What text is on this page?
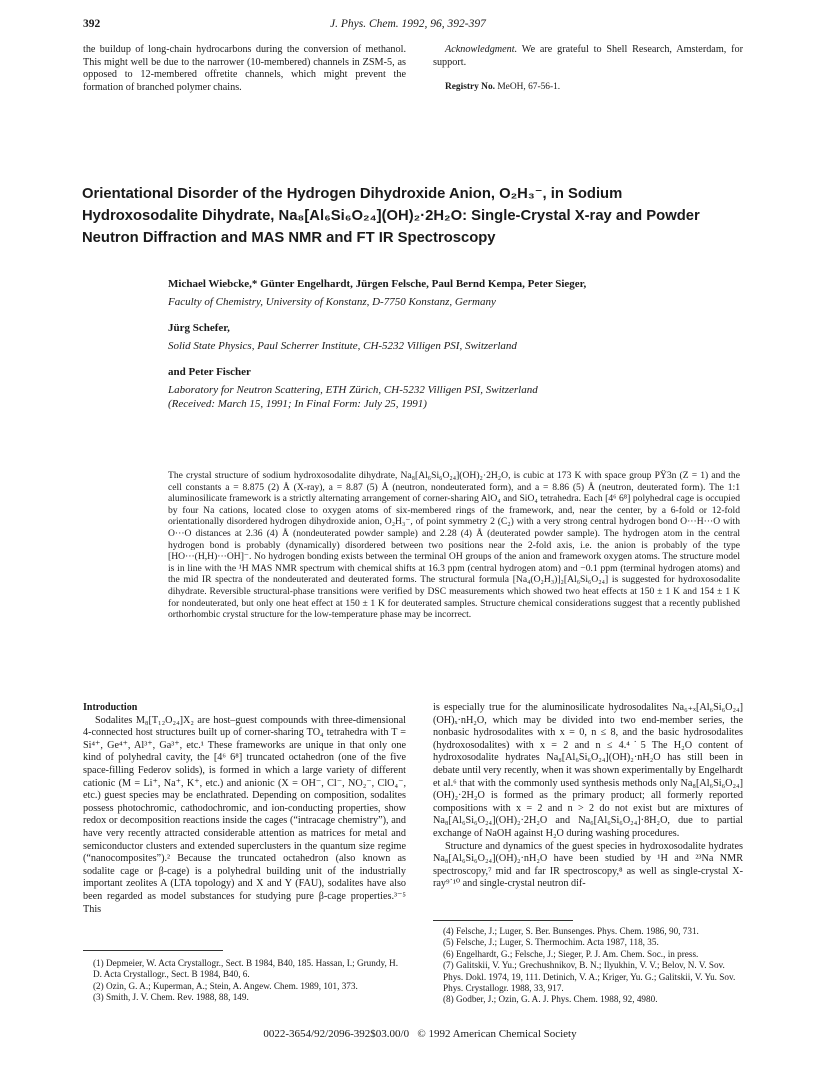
392	J. Phys. Chem. 1992, 96, 392-397

the buildup of long-chain hydrocarbons during the conversion of methanol. This might well be due to the narrower (10-membered) channels in ZSM-5, as opposed to 12-membered offretite channels, which might prevent the formation of branched polymer chains.

Acknowledgment. We are grateful to Shell Research, Amsterdam, for support.

Registry No. MeOH, 67-56-1.

Orientational Disorder of the Hydrogen Dihydroxide Anion, O₂H₃⁻, in Sodium
Hydroxosodalite Dihydrate, Na₈[Al₆Si₆O₂₄](OH)₂·2H₂O: Single-Crystal X-ray and Powder
Neutron Diffraction and MAS NMR and FT IR Spectroscopy
Michael Wiebcke,* Günter Engelhardt, Jürgen Felsche, Paul Bernd Kempa, Peter Sieger,
Faculty of Chemistry, University of Konstanz, D-7750 Konstanz, Germany
Jürg Schefer,
Solid State Physics, Paul Scherrer Institute, CH-5232 Villigen PSI, Switzerland
and Peter Fischer
Laboratory for Neutron Scattering, ETH Zürich, CH-5232 Villigen PSI, Switzerland
(Received: March 15, 1991; In Final Form: July 25, 1991)
The crystal structure of sodium hydroxosodalite dihydrate, Na₈[Al₆Si₆O₂₄](OH)₂·2H₂O, is cubic at 173 K with space group PŸ3n (Z = 1) and the cell constants a = 8.875 (2) Å (X-ray), a = 8.87 (5) Å (neutron, nondeuterated form), and a = 8.86 (5) Å (neutron, deuterated form). The 1:1 aluminosilicate framework is a strictly alternating arrangement of corner-sharing AlO₄ and SiO₄ tetrahedra. Each [4⁶ 6⁸] polyhedral cage is occupied by four Na cations, located close to oxygen atoms of six-membered rings of the framework, and, near the center, by a 6-fold or 12-fold orientationally disordered hydrogen dihydroxide anion, O₂H₃⁻, of point symmetry 2 (C₂) with a very strong central hydrogen bond O···H···O with O···O distances at 2.36 (4) Å (nondeuterated powder sample) and 2.28 (4) Å (deuterated powder sample). The hydrogen atom in the central hydrogen bond is probably (dynamically) disordered between two positions near the 2-fold axis, i.e. the anion is probably of the type [HO···(H,H)···OH]⁻. No hydrogen bonding exists between the terminal OH groups of the anion and framework oxygen atoms. The structure model is in line with the ¹H MAS NMR spectrum with chemical shifts at 16.3 ppm (central hydrogen atom) and −0.1 ppm (terminal hydrogen atoms) and the mid IR spectra of the nondeuterated and deuterated forms. The structural formula [Na₄(O₂H₃)]₂[Al₆Si₆O₂₄] is suggested for hydroxosodalite dihydrate. Reversible structural-phase transitions were verified by DSC measurements which showed two heat effects at 150 ± 1 K and 154 ± 1 K for nondeuterated, but only one heat effect at 150 ± 1 K for deuterated samples. Structure chemical considerations suggest that a recently published orthorhombic crystal structure for the low-temperature phase may be incorrect.

Introduction

Sodalites M₈[T₁₂O₂₄]X₂ are host–guest compounds with three-dimensional 4-connected host structures built up of corner-sharing TO₄ tetrahedra with T = Si⁴⁺, Ge⁴⁺, Al³⁺, Ga³⁺, etc.¹ These frameworks are unique in that only one kind of polyhedral cavity, the [4⁶ 6⁸] truncated octahedron (one of the five space-filling Federov solids), is formed in which a large variety of different cationic (M = Li⁺, Na⁺, K⁺, etc.) and anionic (X = OH⁻, Cl⁻, NO₂⁻, ClO₄⁻, etc.) guest species may be enclathrated. Depending on composition, sodalites possess photochromic, cathodochromic, and ion-conducting properties, show redox or decomposition reactions inside the cages (“intracage chemistry”), and have very recently attracted considerable attention as matrices for metal and semiconductor clusters and extended superclusters in the quantum size regime (“nanocomposites”).² Because the truncated octahedron (also known as sodalite cage or β-cage) is a polyhedral building unit of the industrially important zeolites A (LTA topology) and X and Y (FAU), sodalites have also been regarded as model substances for studying pure β-cage properties.³⁻⁵ This

is especially true for the aluminosilicate hydrosodalites Na₆₊ₓ[Al₆Si₆O₂₄](OH)ₓ·nH₂O, which may be divided into two end-member series, the nonbasic hydrosodalites with x = 0, n ≤ 8, and the basic hydrosodalites (hydroxosodalites) with x = 2 and n ≤ 4.⁴˙5 The H₂O content of hydroxosodalite hydrates Na₈[Al₆Si₆O₂₄](OH)₂·nH₂O has still been in debate until very recently, when it was shown experimentally by Engelhardt et al.⁶ that with the commonly used synthesis methods only Na₈[Al₆Si₆O₂₄](OH)₂·2H₂O is formed as the primary product; all formerly reported compositions with x = 2 and n > 2 do not exist but are mixtures of Na₈[Al₆Si₆O₂₄](OH)₂·2H₂O and Na₆[Al₆Si₆O₂₄]·8H₂O, due to partial exchange of NaOH against H₂O during washing procedures.

Structure and dynamics of the guest species in hydroxosodalite hydrates Na₈[Al₆Si₆O₂₄](OH)₂·nH₂O have been studied by ¹H and ²³Na NMR spectroscopy,⁷ mid and far IR spectroscopy,⁸ as well as single-crystal X-ray⁹˙¹⁰ and single-crystal neutron dif-

(1) Depmeier, W. Acta Crystallogr., Sect. B 1984, B40, 185. Hassan, I.; Grundy, H. D. Acta Crystallogr., Sect. B 1984, B40, 6.

(2) Ozin, G. A.; Kuperman, A.; Stein, A. Angew. Chem. 1989, 101, 373.

(3) Smith, J. V. Chem. Rev. 1988, 88, 149.

(4) Felsche, J.; Luger, S. Ber. Bunsenges. Phys. Chem. 1986, 90, 731.

(5) Felsche, J.; Luger, S. Thermochim. Acta 1987, 118, 35.

(6) Engelhardt, G.; Felsche, J.; Sieger, P. J. Am. Chem. Soc., in press.

(7) Galitskii, V. Yu.; Grechushnikov, B. N.; Ilyukhin, V. V.; Belov, N. V. Sov. Phys. Dokl. 1974, 19, 111. Detinich, V. A.; Kriger, Yu. G.; Galitskii, V. Yu. Sov. Phys. Crystallogr. 1988, 33, 917.

(8) Godber, J.; Ozin, G. A. J. Phys. Chem. 1988, 92, 4980.

0022-3654/92/2096-392$03.00/0   © 1992 American Chemical Society
